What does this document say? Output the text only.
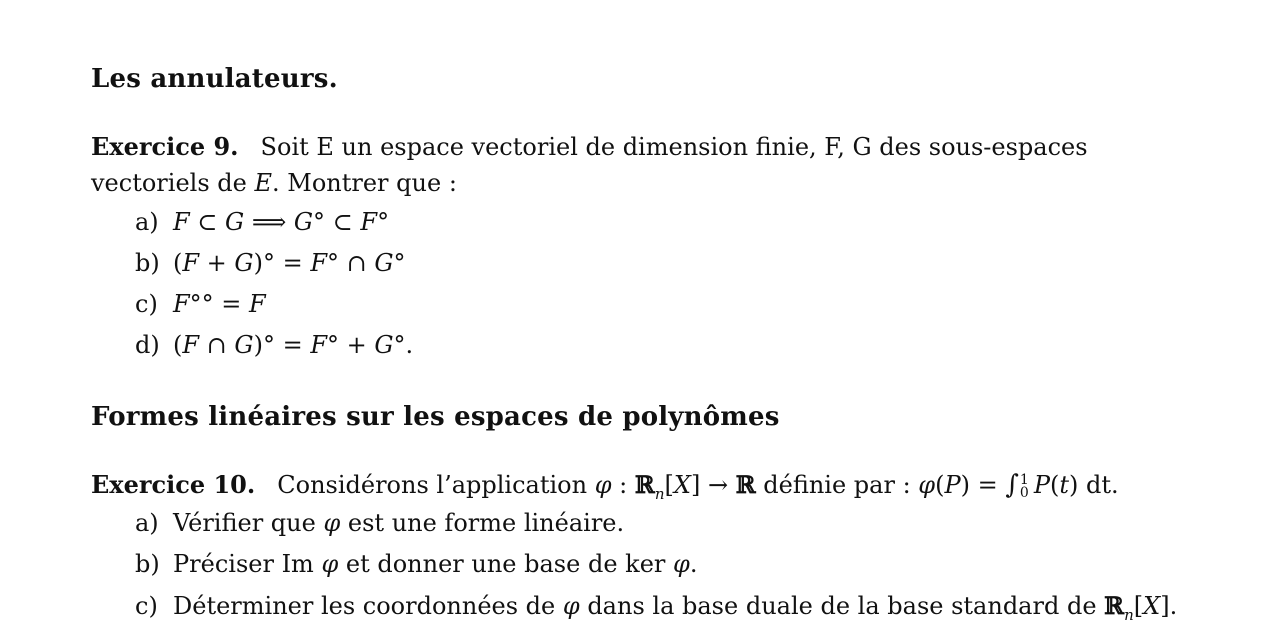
Les annulateurs.
Exercice 9. Soit E un espace vectoriel de dimension finie, F, G des sous-espaces vectoriels de E. Montrer que :
a) F ⊂ G ⟹ G° ⊂ F°
b) (F + G)° = F° ∩ G°
c) F°° = F
d) (F ∩ G)° = F° + G°.
Formes linéaires sur les espaces de polynômes
Exercice 10. Considérons l’application φ : ℝ$_n$[X] → ℝ définie par : φ(P) = ∫1
0 P(t) dt.
a) Vérifier que φ est une forme linéaire.
b) Préciser Im φ et donner une base de ker φ.
c) Déterminer les coordonnées de φ dans la base duale de la base standard de ℝ$_n$[X].
